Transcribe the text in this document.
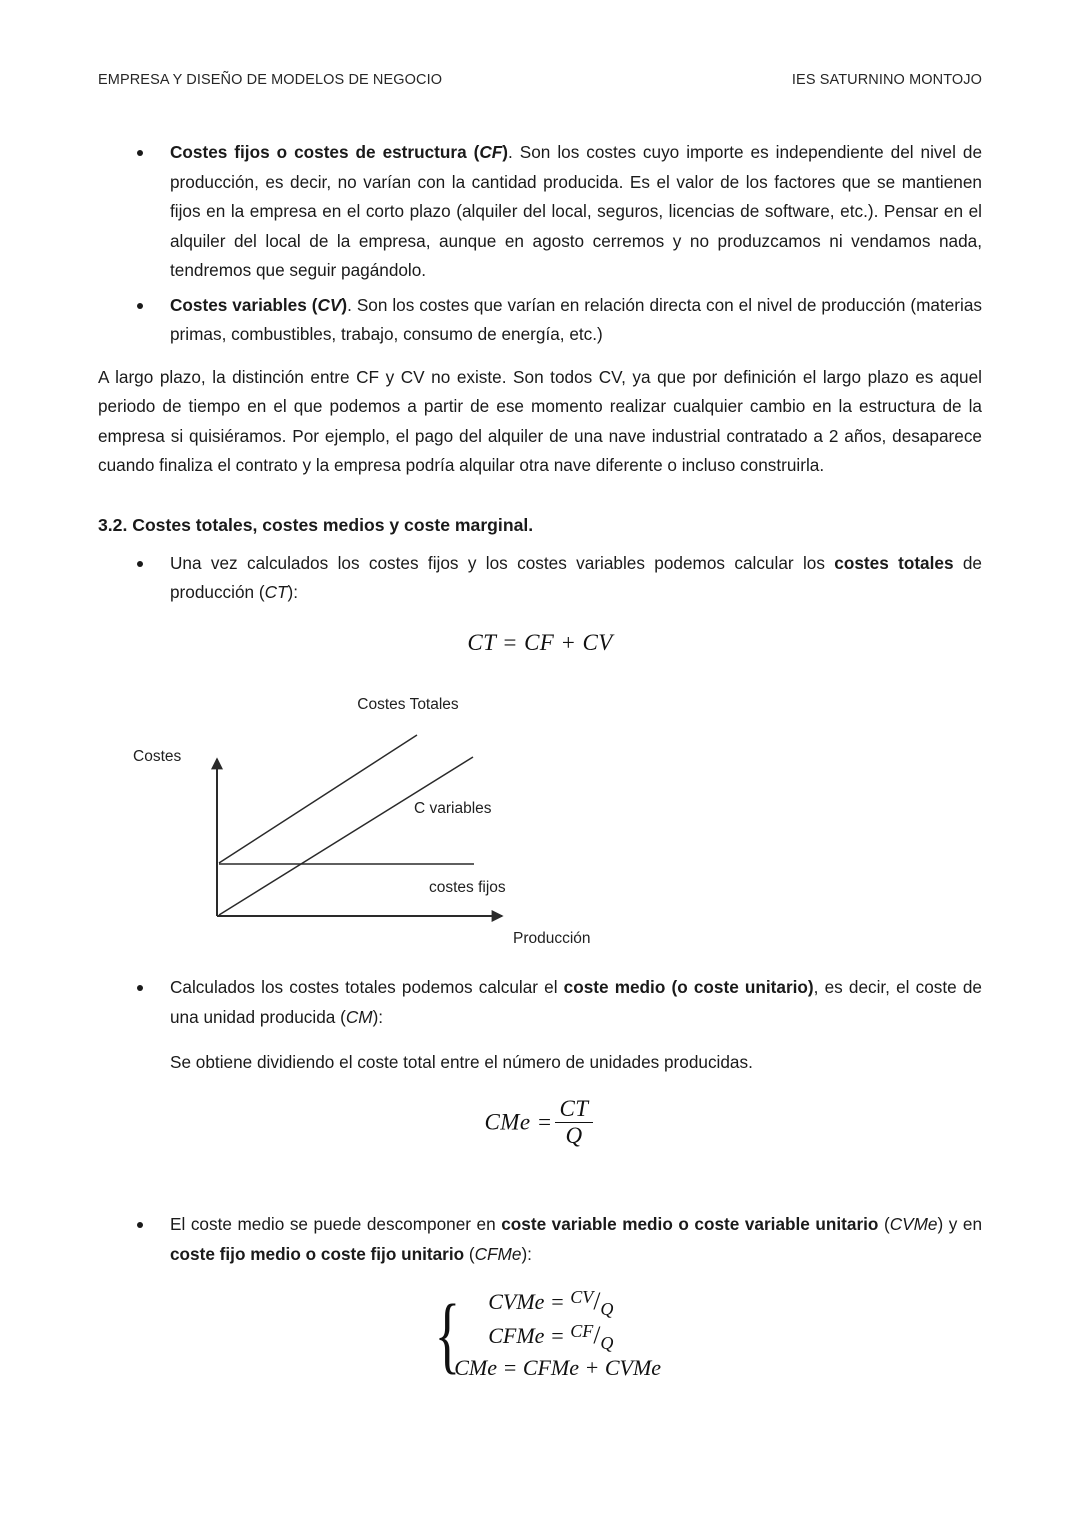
EMPRESA Y DISEÑO DE MODELOS DE NEGOCIO	IES SATURNINO MONTOJO
Costes fijos o costes de estructura (CF). Son los costes cuyo importe es independiente del nivel de producción, es decir, no varían con la cantidad producida. Es el valor de los factores que se mantienen fijos en la empresa en el corto plazo (alquiler del local, seguros, licencias de software, etc.). Pensar en el alquiler del local de la empresa, aunque en agosto cerremos y no produzcamos ni vendamos nada, tendremos que seguir pagándolo.
Costes variables (CV). Son los costes que varían en relación directa con el nivel de producción (materias primas, combustibles, trabajo, consumo de energía, etc.)

A largo plazo, la distinción entre CF y CV no existe. Son todos CV, ya que por definición el largo plazo es aquel periodo de tiempo en el que podemos a partir de ese momento realizar cualquier cambio en la estructura de la empresa si quisiéramos. Por ejemplo, el pago del alquiler de una nave industrial contratado a 2 años, desaparece cuando finaliza el contrato y la empresa podría alquilar otra nave diferente o incluso construirla.

3.2. Costes totales, costes medios y coste marginal.
Una vez calculados los costes fijos y los costes variables podemos calcular los costes totales de producción (CT):
CT = CF + CV
Costes Totales
Costes
Producción
C variables
costes fijos
Calculados los costes totales podemos calcular el coste medio (o coste unitario), es decir, el coste de una unidad producida (CM):

Se obtiene dividiendo el coste total entre el número de unidades producidas.

CMe = $\frac{CT}{Q}$
El coste medio se puede descomponer en coste variable medio o coste variable unitario (CVMe) y en coste fijo medio o coste fijo unitario (CFMe):
{	CVMe = $^{CV}/_Q$
CFMe = $^{CF}/_Q$
CMe = CFMe + CVMe
